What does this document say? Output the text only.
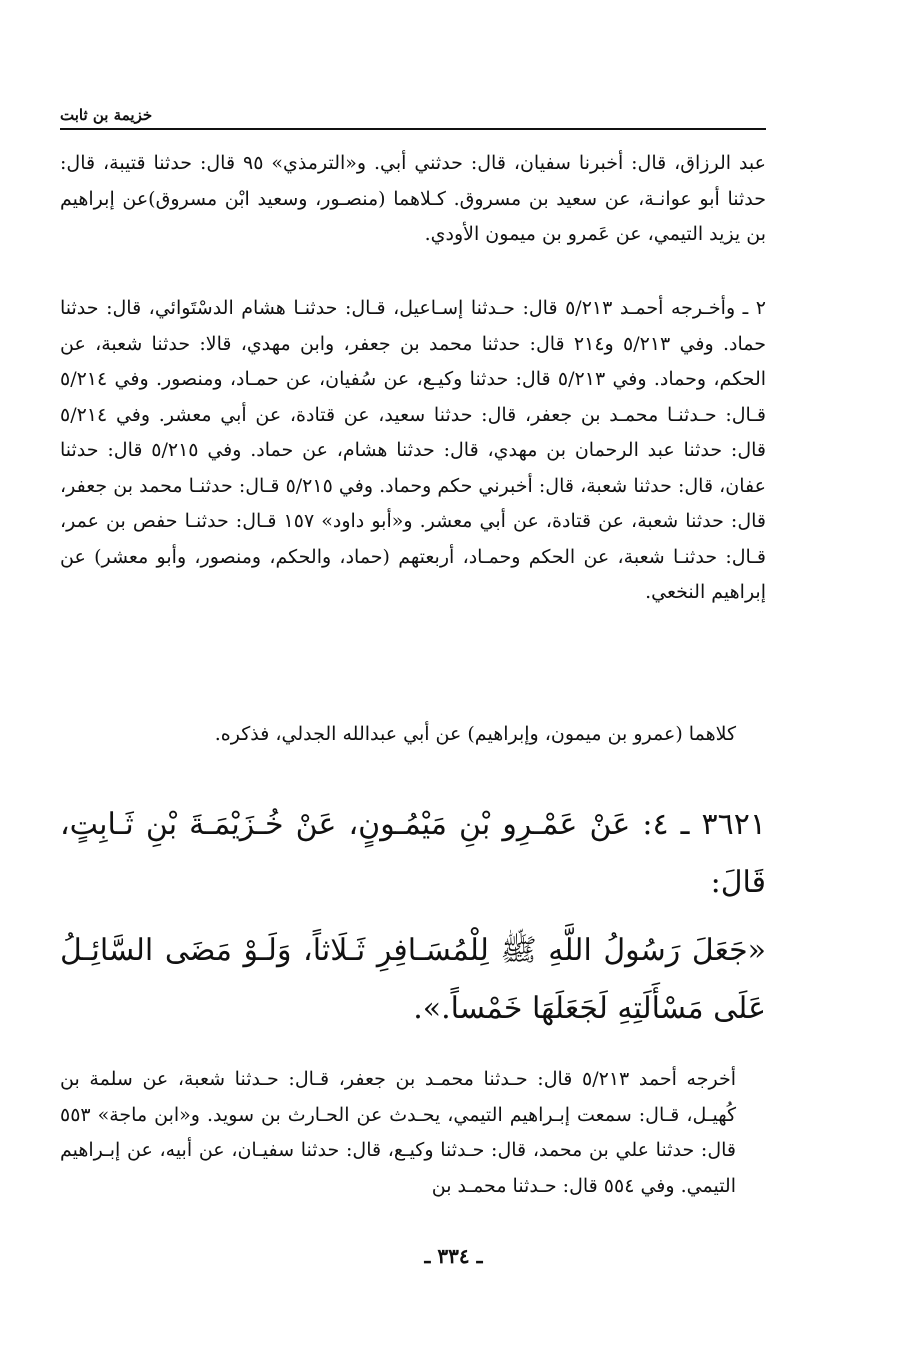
خزيمة بن ثابت

عبد الرزاق، قال: أخبرنا سفيان، قال: حدثني أبي. و«الترمذي» ٩٥ قال: حدثنا قتيبة، قال: حدثنا أبو عوانـة، عن سعيد بن مسروق. كـلاهما (منصـور، وسعيد ابْن مسروق)عن إبراهيم بن يزيد التيمي، عن عَمرو بن ميمون الأودي.

٢ ـ وأخـرجه أحمـد ٥/٢١٣ قال: حـدثنا إسـاعيل، قـال: حدثنـا هشام الدسْتَوائي، قال: حدثنا حماد. وفي ٥/٢١٣ و٢١٤ قال: حدثنا محمد بن جعفر، وابن مهدي، قالا: حدثنا شعبة، عن الحكم، وحماد. وفي ٥/٢١٣ قال: حدثنا وكيـع، عن سُفيان، عن حمـاد، ومنصور. وفي ٥/٢١٤ قـال: حـدثنـا محمـد بن جعفر، قال: حدثنا سعيد، عن قتادة، عن أبي معشر. وفي ٥/٢١٤ قال: حدثنا عبد الرحمان بن مهدي، قال: حدثنا هشام، عن حماد. وفي ٥/٢١٥ قال: حدثنا عفان، قال: حدثنا شعبة، قال: أخبرني حكم وحماد. وفي ٥/٢١٥ قـال: حدثنـا محمد بن جعفر، قال: حدثنا شعبة، عن قتادة، عن أبي معشر. و«أبو داود» ١٥٧ قـال: حدثنـا حفص بن عمر، قـال: حدثنـا شعبة، عن الحكم وحمـاد، أربعتهم (حماد، والحكم، ومنصور، وأبو معشر) عن إبراهيم النخعي.

كلاهما (عمرو بن ميمون، وإبراهيم) عن أبي عبدالله الجدلي، فذكره.

٣٦٢١ ـ ٤: عَنْ عَمْـرِو بْنِ مَيْمُـونٍ، عَنْ خُـزَيْمَـةَ بْنِ ثَـابِتٍ، قَالَ:

«جَعَلَ رَسُولُ اللَّهِ ﷺ لِلْمُسَـافِرِ ثَـلَاثاً، وَلَـوْ مَضَى السَّائِـلُ عَلَى مَسْأَلَتِهِ لَجَعَلَهَا خَمْساً.».

أخرجه أحمد ٥/٢١٣ قال: حـدثنا محمـد بن جعفر، قـال: حـدثنا شعبة، عن سلمة بن كُهيـل، قـال: سمعت إبـراهيم التيمي، يحـدث عن الحـارث بن سويد. و«ابن ماجة» ٥٥٣ قال: حدثنا علي بن محمد، قال: حـدثنا وكيـع، قال: حدثنا سفيـان، عن أبيه، عن إبـراهيم التيمي. وفي ٥٥٤ قال: حـدثنا محمـد بن

ـ ٣٣٤ ـ
